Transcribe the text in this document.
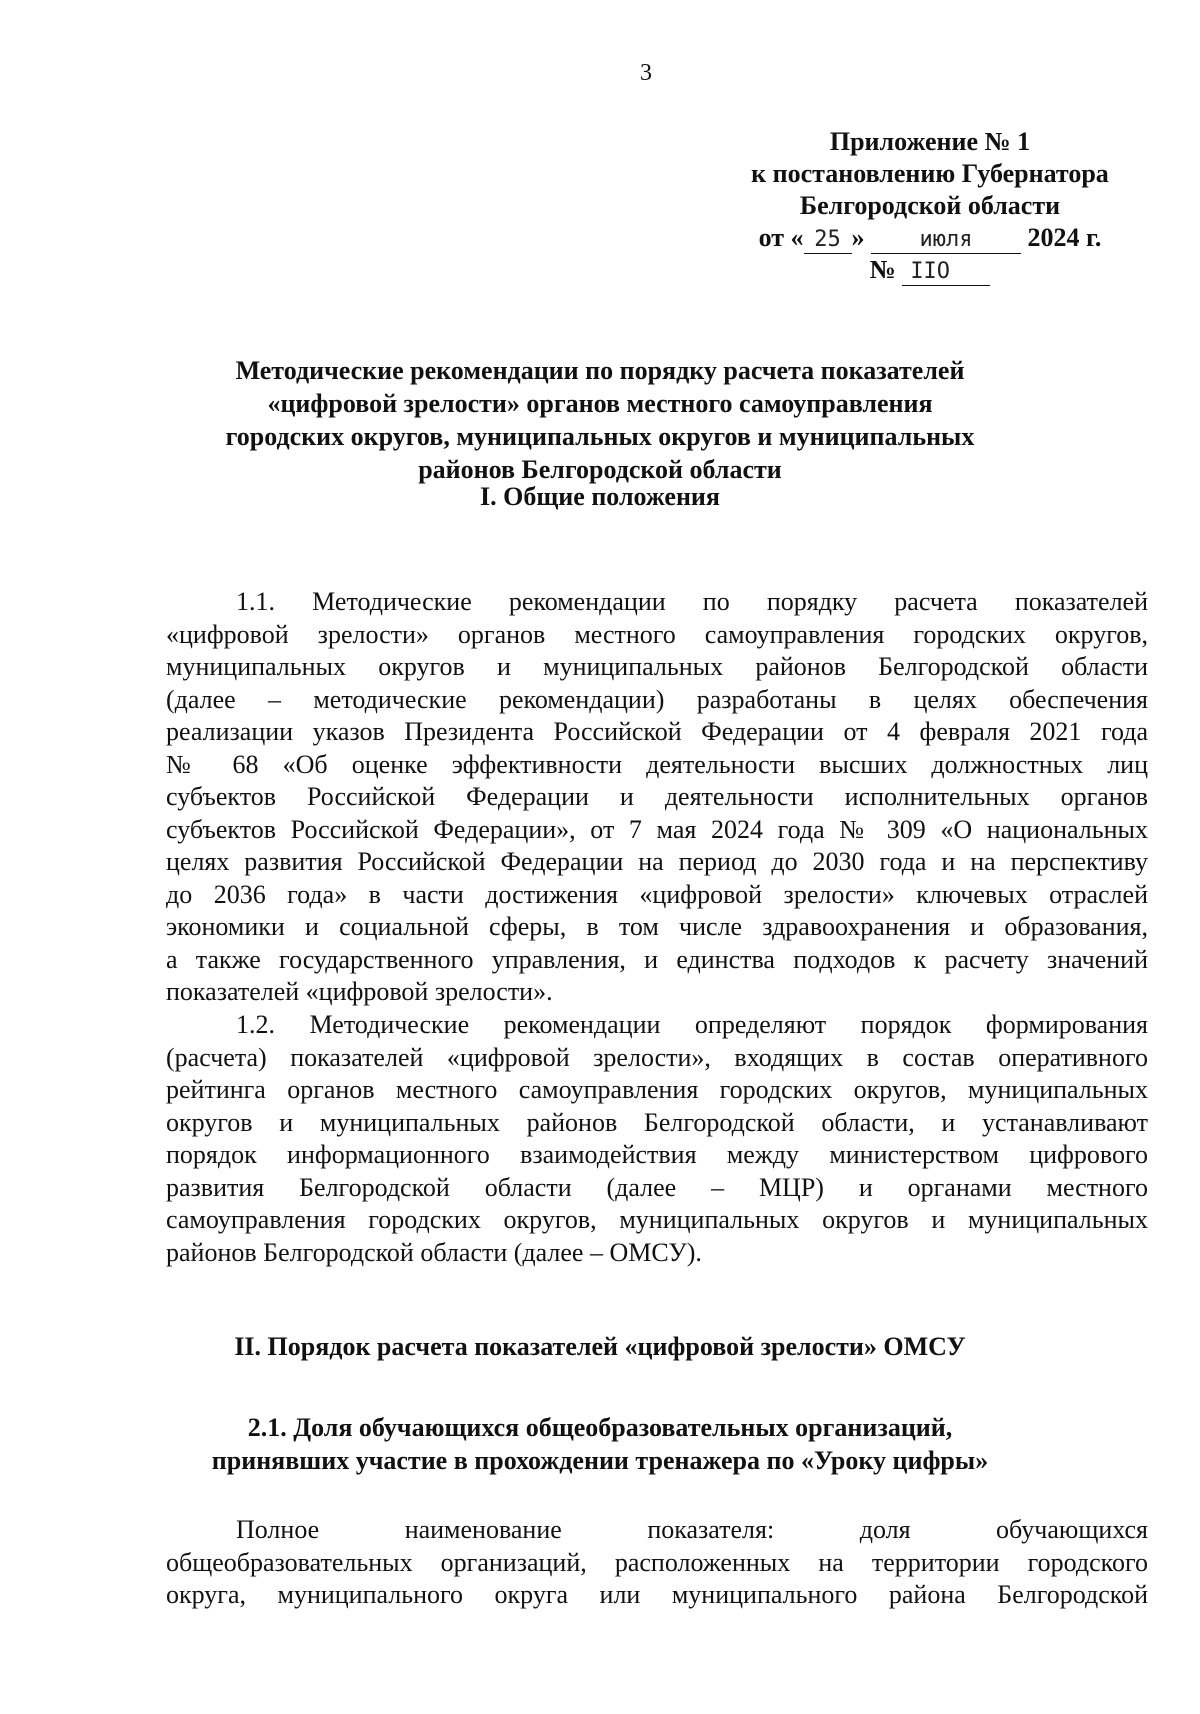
3
Приложение № 1
к постановлению Губернатора
Белгородской области
от « 25 »	июля 2024 г.
№ IIO
Методические рекомендации по порядку расчета показателей
«цифровой зрелости» органов местного самоуправления
городских округов, муниципальных округов и муниципальных
районов Белгородской области
I. Общие положения
1.1. Методические рекомендации по порядку расчета показателей
«цифровой зрелости» органов местного самоуправления городских округов,
муниципальных округов и муниципальных районов Белгородской области
(далее – методические рекомендации) разработаны в целях обеспечения
реализации указов Президента Российской Федерации от 4 февраля 2021 года
№ 68 «Об оценке эффективности деятельности высших должностных лиц
субъектов Российской Федерации и деятельности исполнительных органов
субъектов Российской Федерации», от 7 мая 2024 года № 309 «О национальных
целях развития Российской Федерации на период до 2030 года и на перспективу
до 2036 года» в части достижения «цифровой зрелости» ключевых отраслей
экономики и социальной сферы, в том числе здравоохранения и образования,
а также государственного управления, и единства подходов к расчету значений
показателей «цифровой зрелости».
1.2. Методические рекомендации определяют порядок формирования
(расчета) показателей «цифровой зрелости», входящих в состав оперативного
рейтинга органов местного самоуправления городских округов, муниципальных
округов и муниципальных районов Белгородской области, и устанавливают
порядок информационного взаимодействия между министерством цифрового
развития Белгородской области (далее – МЦР) и органами местного
самоуправления городских округов, муниципальных округов и муниципальных
районов Белгородской области (далее – ОМСУ).
II. Порядок расчета показателей «цифровой зрелости» ОМСУ
2.1. Доля обучающихся общеобразовательных организаций,
принявших участие в прохождении тренажера по «Уроку цифры»
Полное наименование показателя: доля обучающихся
общеобразовательных организаций, расположенных на территории городского
округа, муниципального округа или муниципального района Белгородской
